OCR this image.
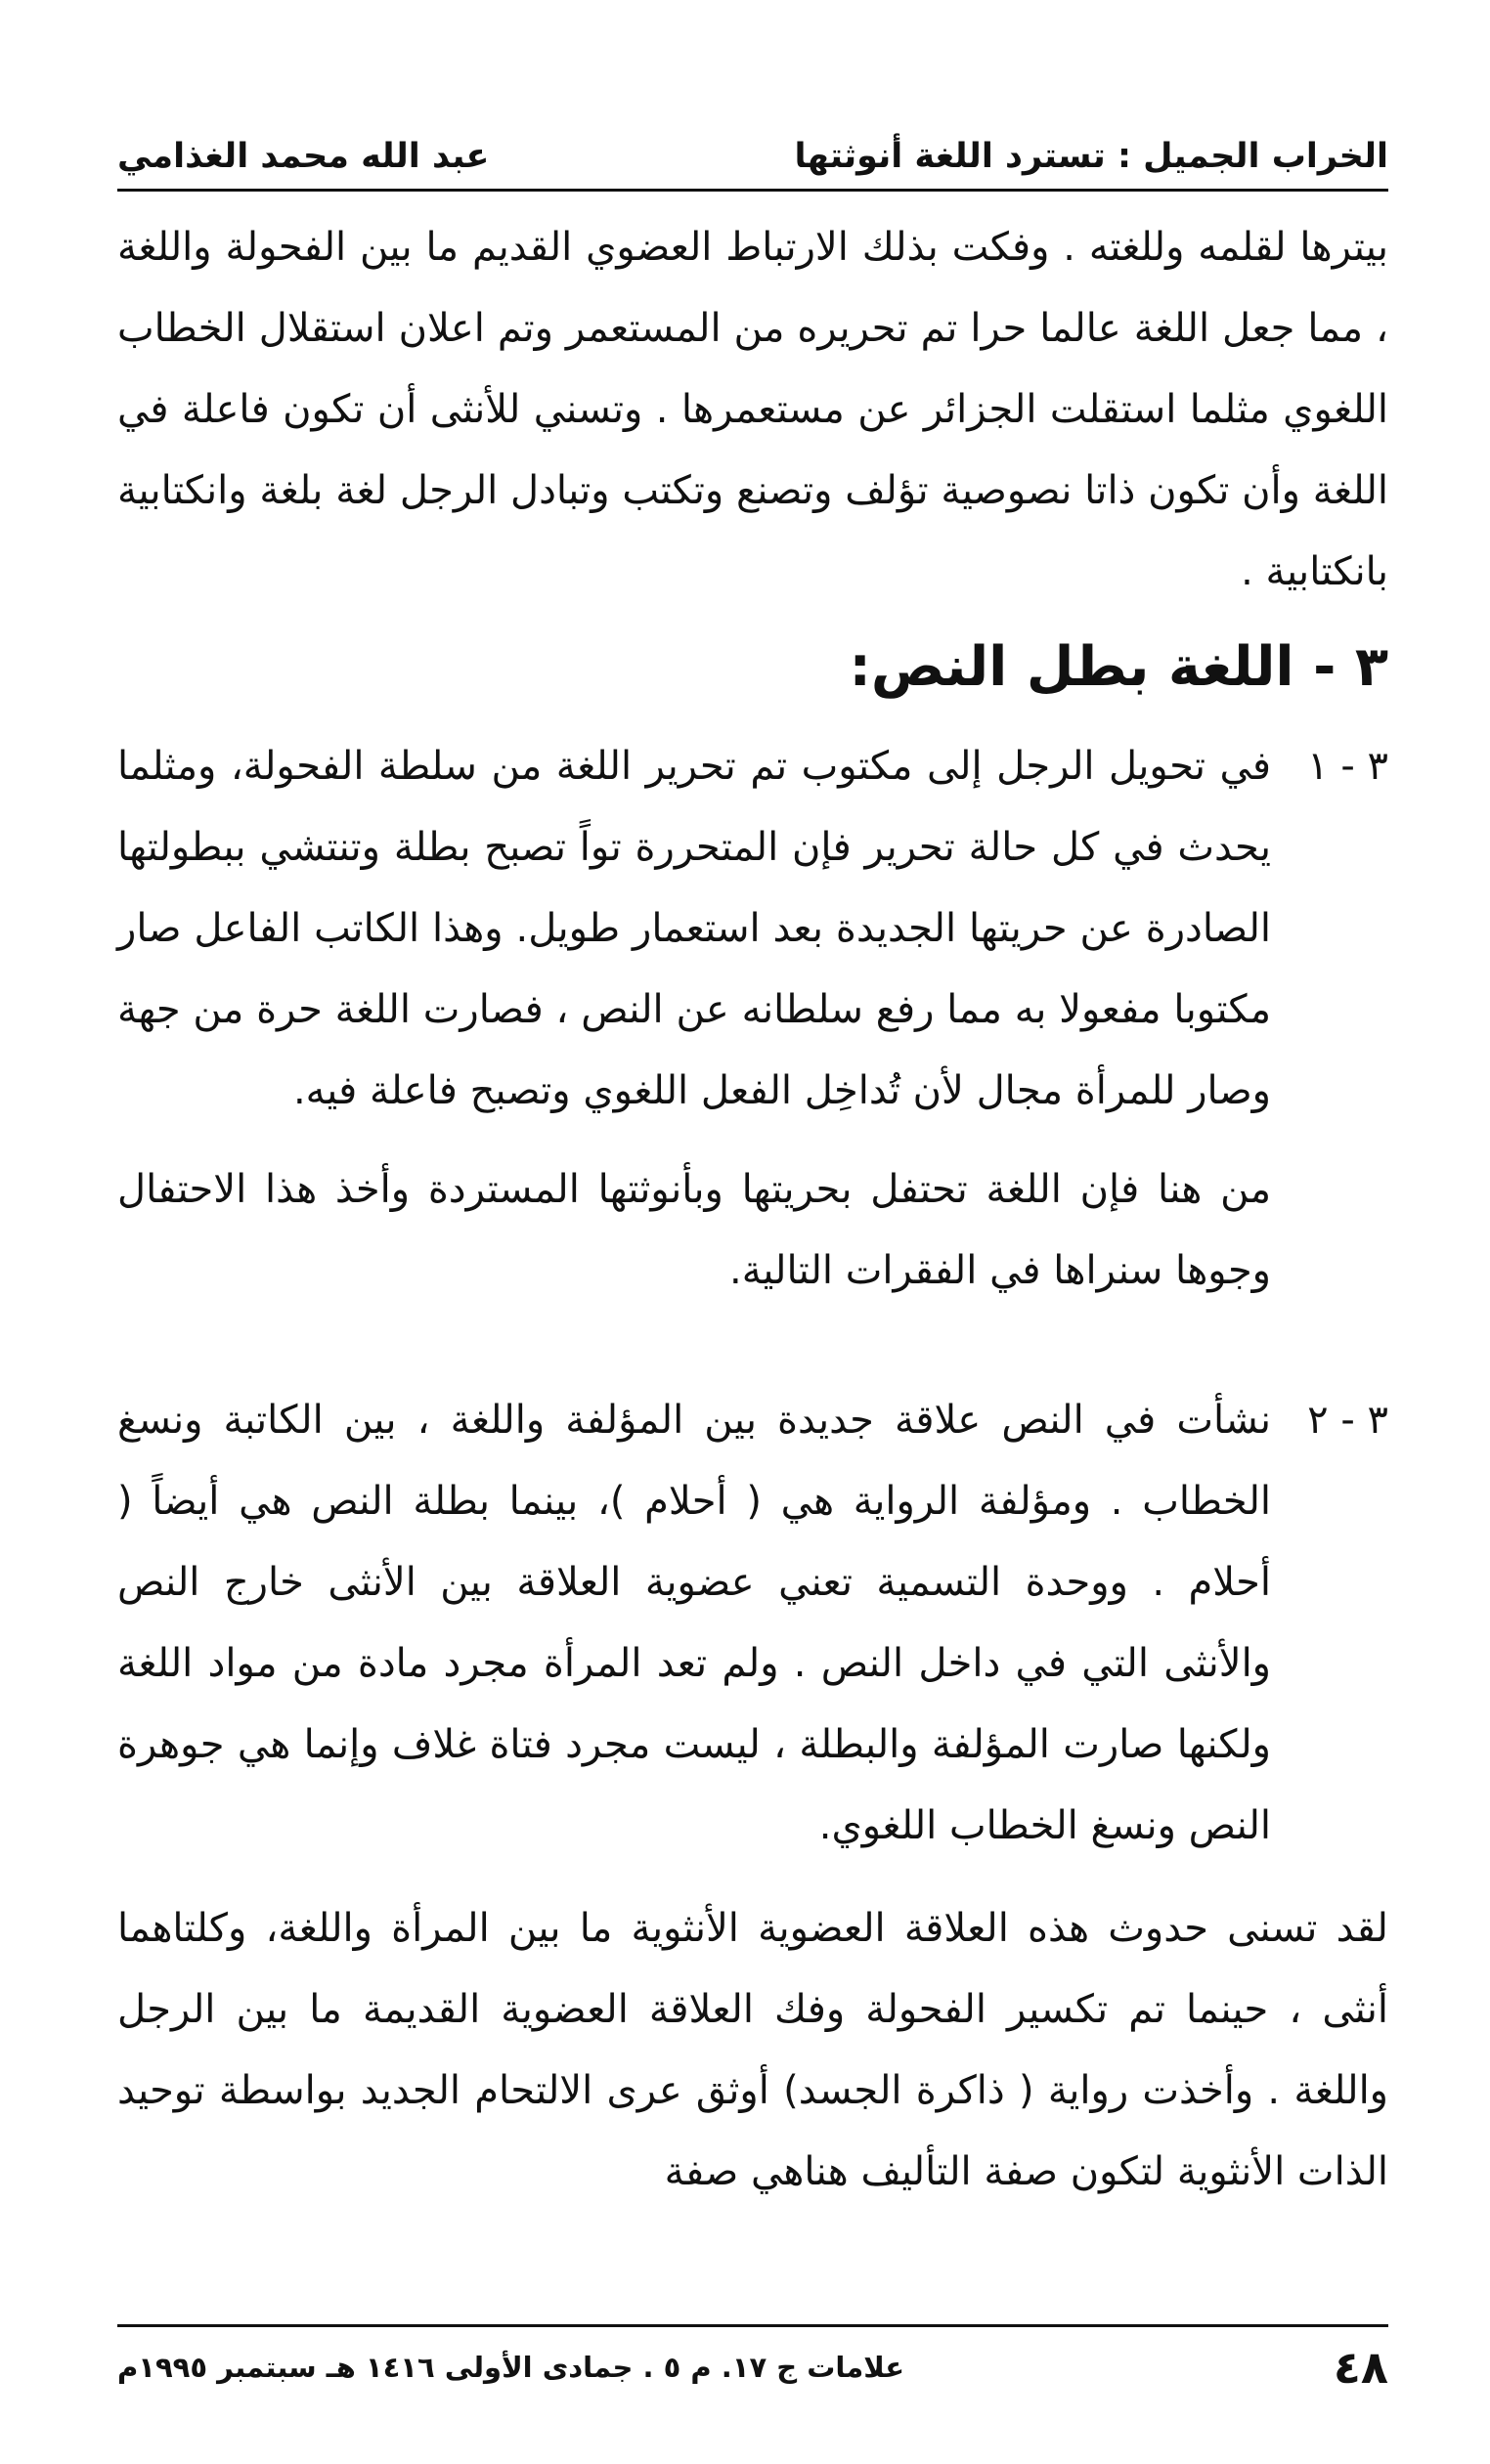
الخراب الجميل : تسترد اللغة أنوثتها
عبد الله محمد الغذامي

بيترها لقلمه وللغته . وفكت بذلك الارتباط العضوي القديم ما بين الفحولة واللغة ، مما جعل اللغة عالما حرا تم تحريره من المستعمر وتم اعلان استقلال الخطاب اللغوي مثلما استقلت الجزائر عن مستعمرها . وتسني للأنثى أن تكون فاعلة في اللغة وأن تكون ذاتا نصوصية تؤلف وتصنع وتكتب وتبادل الرجل لغة بلغة وانكتابية بانكتابية .

٣ - اللغة بطل النص:
٣ - ١
في تحويل الرجل إلى مكتوب تم تحرير اللغة من سلطة الفحولة، ومثلما يحدث في كل حالة تحرير فإن المتحررة تواً تصبح بطلة وتنتشي ببطولتها الصادرة عن حريتها الجديدة بعد استعمار طويل. وهذا الكاتب الفاعل صار مكتوبا مفعولا به مما رفع سلطانه عن النص ، فصارت اللغة حرة من جهة وصار للمرأة مجال لأن تُداخِل الفعل اللغوي وتصبح فاعلة فيه.

من هنا فإن اللغة تحتفل بحريتها وبأنوثتها المستردة وأخذ هذا الاحتفال وجوها سنراها في الفقرات التالية.

٣ - ٢
نشأت في النص علاقة جديدة بين المؤلفة واللغة ، بين الكاتبة ونسغ الخطاب . ومؤلفة الرواية هي ( أحلام )، بينما بطلة النص هي أيضاً ( أحلام . ووحدة التسمية تعني عضوية العلاقة بين الأنثى خارج النص والأنثى التي في داخل النص . ولم تعد المرأة مجرد مادة من مواد اللغة ولكنها صارت المؤلفة والبطلة ، ليست مجرد فتاة غلاف وإنما هي جوهرة النص ونسغ الخطاب اللغوي.

لقد تسنى حدوث هذه العلاقة العضوية الأنثوية ما بين المرأة واللغة، وكلتاهما أنثى ، حينما تم تكسير الفحولة وفك العلاقة العضوية القديمة ما بين الرجل واللغة . وأخذت رواية ( ذاكرة الجسد) أوثق عرى الالتحام الجديد بواسطة توحيد الذات الأنثوية لتكون صفة التأليف هناهي صفة

٤٨
علامات ج ١٧. م ٥ . جمادى الأولى ١٤١٦ هـ سبتمبر ١٩٩٥م
